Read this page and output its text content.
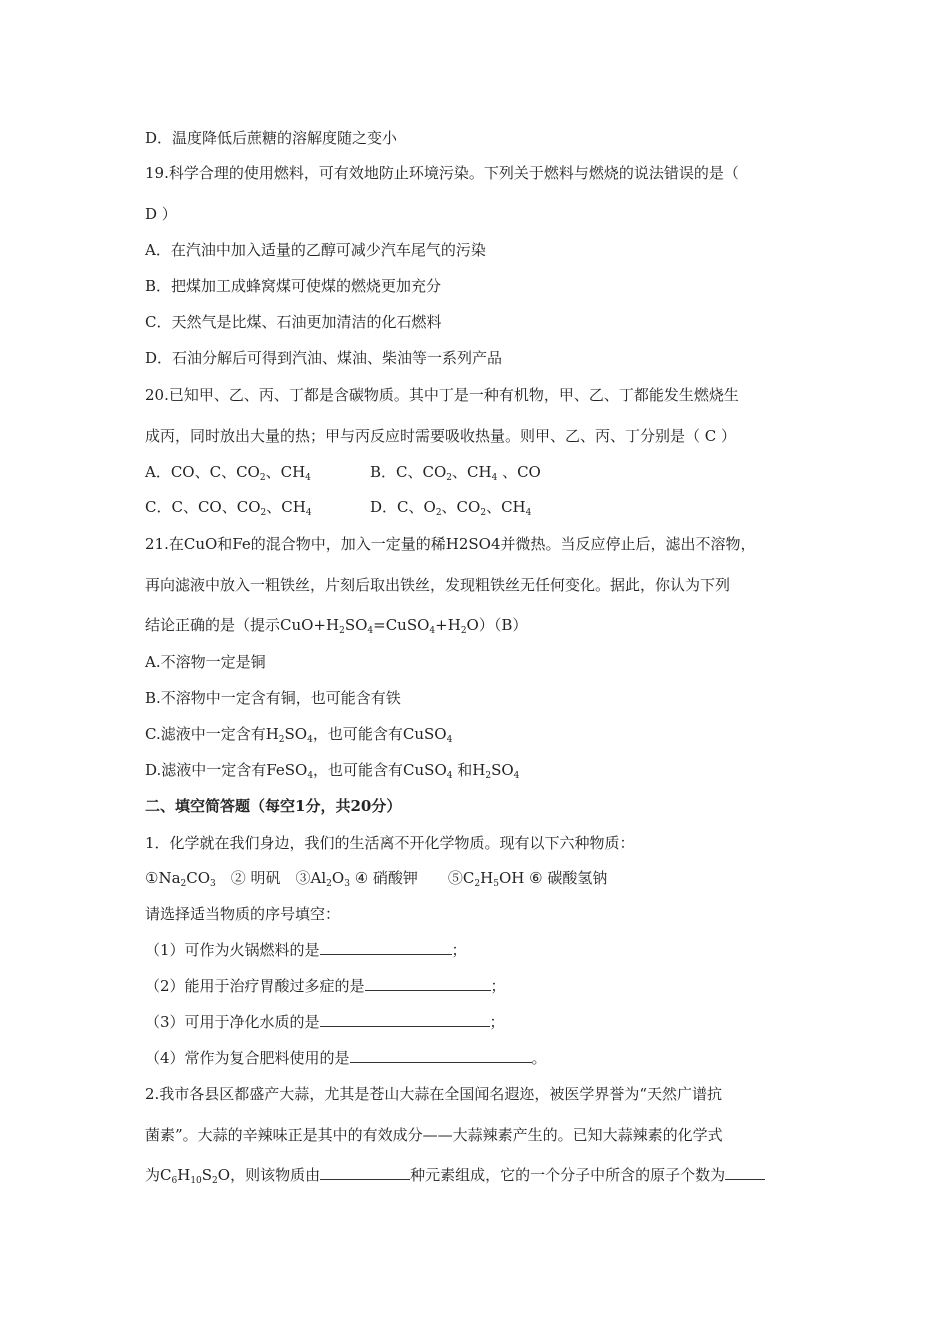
D．温度降低后蔗糖的溶解度随之变小
19.科学合理的使用燃料，可有效地防止环境污染。下列关于燃料与燃烧的说法错误的是（
D ）
A．在汽油中加入适量的乙醇可减少汽车尾气的污染
B．把煤加工成蜂窝煤可使煤的燃烧更加充分
C．天然气是比煤、石油更加清洁的化石燃料
D．石油分解后可得到汽油、煤油、柴油等一系列产品
20.已知甲、乙、丙、丁都是含碳物质。其中丁是一种有机物，甲、乙、丁都能发生燃烧生
成丙，同时放出大量的热；甲与丙反应时需要吸收热量。则甲、乙、丙、丁分别是（ C ）
A．CO、C、$CO_2$、$CH_4$	B．C、$CO_2$、$CH_4$ 、CO
C．C、CO、$CO_2$、$CH_4$	D．C、$O_2$、$CO_2$、$CH_4$
21.在CuO和Fe的混合物中，加入一定量的稀H2SO4并微热。当反应停止后，滤出不溶物，
再向滤液中放入一粗铁丝，片刻后取出铁丝，发现粗铁丝无任何变化。据此，你认为下列
结论正确的是（提示$CuO+H_2SO_4=CuSO_4+H_2O)(B)$
A.不溶物一定是铜
B.不溶物中一定含有铜，也可能含有铁
C.滤液中一定含有$H_2SO_4$，也可能含有CuSO$_4$
D.滤液中一定含有FeSO$_4$，也可能含有CuSO$_4$ 和$H_2SO_4$
二、填空简答题（每空1分，共20分）
1．化学就在我们身边，我们的生活离不开化学物质。现有以下六种物质：
$①Na_2CO_3$　② 明矾　$③Al_2O_3$ ④ 硝酸钾　　$⑤C_2H_5OH$ ⑥ 碳酸氢钠
请选择适当物质的序号填空：
（1）可作为火锅燃料的是	；
（2）能用于治疗胃酸过多症的是	；
（3）可用于净化水质的是	；
（4）常作为复合肥料使用的是	。
2.我市各县区都盛产大蒜，尤其是苍山大蒜在全国闻名遐迩，被医学界誉为“天然广谱抗
菌素”。大蒜的辛辣味正是其中的有效成分——大蒜辣素产生的。已知大蒜辣素的化学式
为$C_6H_{10}S_2O$，则该物质由	种元素组成，它的一个分子中所含的原子个数为
